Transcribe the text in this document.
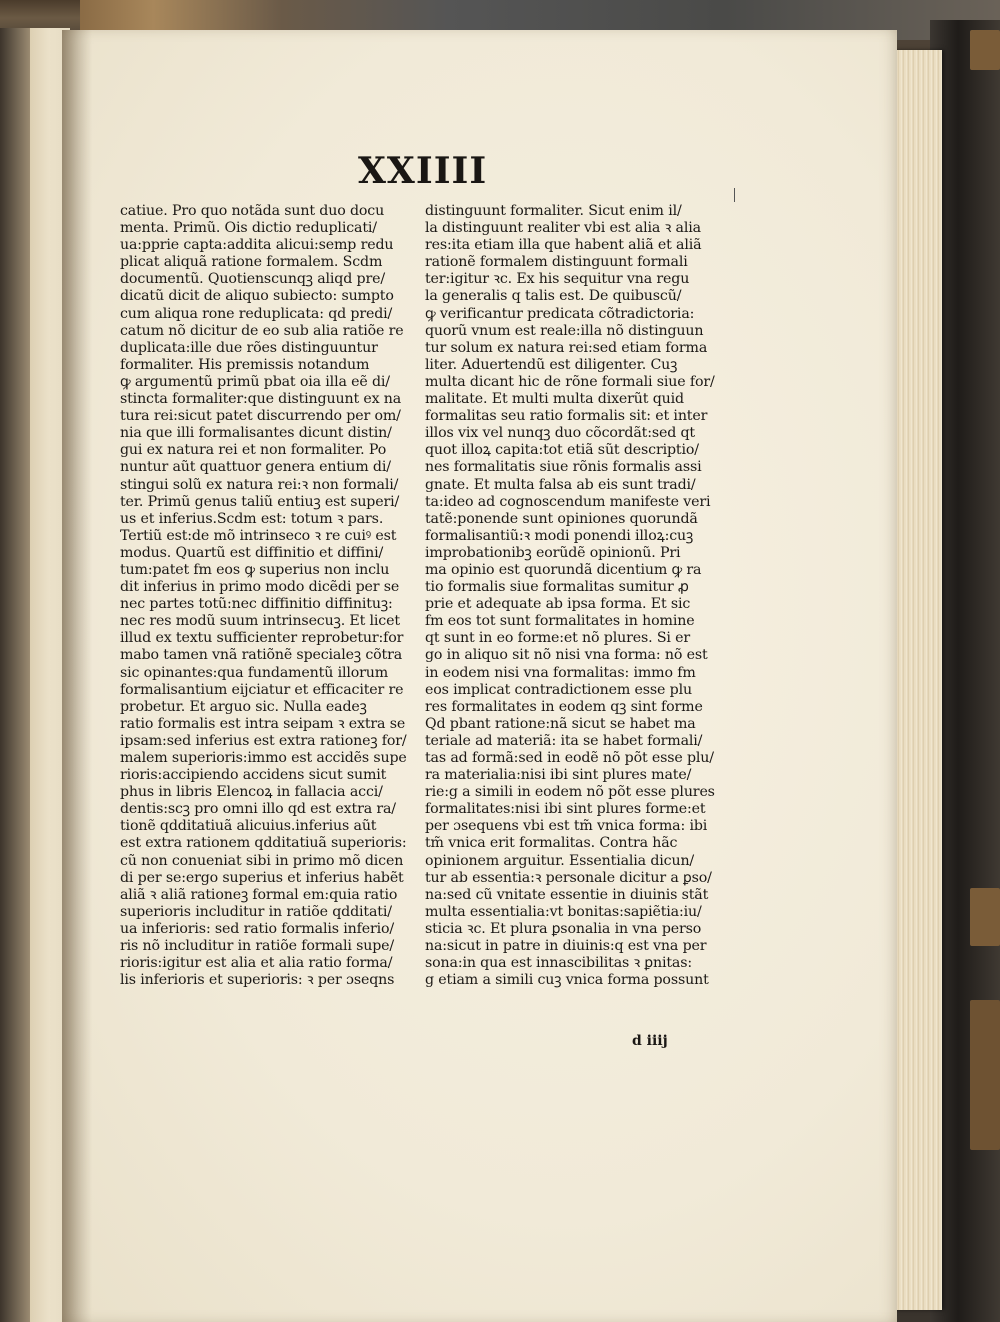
XXIIII
catiue. Pro quo notãda sunt duo docu
menta. Primũ. Ois dictio reduplicati/
ua:pprie capta:addita alicui:semp redu
plicat aliquã ratione formalem. Scdm
documentũ. Quotienscunqꝫ aliqd pre/
dicatũ dicit de aliquo subiecto: sumpto
cum aliqua rone reduplicata: qd predi/
catum nõ dicitur de eo sub alia ratiõe re
duplicata:ille due rões distinguuntur
formaliter. His premissis notandum
ꝙ argumentũ primũ pbat oia illa eẽ di/
stincta formaliter:que distinguunt ex na
tura rei:sicut patet discurrendo per om/
nia que illi formalisantes dicunt distin/
gui ex natura rei et non formaliter. Po
nuntur aũt quattuor genera entium di/
stingui solũ ex natura rei:ꝛ non formali/
ter. Primũ genus taliũ entiuꝫ est superi/
us et inferius.Scdm est: totum ꝛ pars.
Tertiũ est:de mõ intrinseco ꝛ re cuiꝰ est
modus. Quartũ est diffinitio et diffini/
tum:patet fm eos ꝙ superius non inclu
dit inferius in primo modo dicẽdi per se
nec partes totũ:nec diffinitio diffinituꝫ:
nec res modũ suum intrinsecuꝫ. Et licet
illud ex textu sufficienter reprobetur:for
mabo tamen vnã ratiõnẽ specialeꝫ cõtra
sic opinantes:qua fundamentũ illorum
formalisantium eijciatur et efficaciter re
probetur. Et arguo sic. Nulla eadeꝫ
ratio formalis est intra seipam ꝛ extra se
ipsam:sed inferius est extra rationeꝫ for/
malem superioris:immo est accidẽs supe
rioris:accipiendo accidens sicut sumit
phus in libris Elencoꝝ in fallacia acci/
dentis:scꝫ pro omni illo qd est extra ra/
tionẽ qdditatiuã alicuius.inferius aũt
est extra rationem qdditatiuã superioris:
cũ non conueniat sibi in primo mõ dicen
di per se:ergo superius et inferius habẽt
aliã ꝛ aliã rationeꝫ formal em:quia ratio
superioris includitur in ratiõe qdditati/
ua inferioris: sed ratio formalis inferio/
ris nõ includitur in ratiõe formali supe/
rioris:igitur est alia et alia ratio forma/
lis inferioris et superioris: ꝛ per ɔseqns
distinguunt formaliter. Sicut enim il/
la distinguunt realiter vbi est alia ꝛ alia
res:ita etiam illa que habent aliã et aliã
rationẽ formalem distinguunt formali
ter:igitur ꝛc. Ex his sequitur vna regu
la generalis q talis est. De quibuscũ/
ꝙ verificantur predicata cõtradictoria:
quorũ vnum est reale:illa nõ distinguun
tur solum ex natura rei:sed etiam forma
liter. Aduertendũ est diligenter. Cuꝫ
multa dicant hic de rõne formali siue for/
malitate. Et multi multa dixerũt quid
formalitas seu ratio formalis sit: et inter
illos vix vel nunqꝫ duo cõcordãt:sed qt
quot illoꝝ capita:tot etiã sũt descriptio/
nes formalitatis siue rõnis formalis assi
gnate. Et multa falsa ab eis sunt tradi/
ta:ideo ad cognoscendum manifeste veri
tatẽ:ponende sunt opiniones quorundã
formalisantiũ:ꝛ modi ponendi illoꝝ:cuꝫ
improbationibꝫ eorũdẽ opinionũ. Pri
ma opinio est quorundã dicentium ꝙ ra
tio formalis siue formalitas sumitur ꝓ
prie et adequate ab ipsa forma. Et sic
fm eos tot sunt formalitates in homine
qt sunt in eo forme:et nõ plures. Si er
go in aliquo sit nõ nisi vna forma: nõ est
in eodem nisi vna formalitas: immo fm
eos implicat contradictionem esse plu
res formalitates in eodem qꝫ sint forme
Qd pbant ratione:nã sicut se habet ma
teriale ad materiã: ita se habet formali/
tas ad formã:sed in eodẽ nõ põt esse plu/
ra materialia:nisi ibi sint plures mate/
rie:g a simili in eodem nõ põt esse plures
formalitates:nisi ibi sint plures forme:et
per ɔsequens vbi est tm̃ vnica forma: ibi
tm̃ vnica erit formalitas. Contra hãc
opinionem arguitur. Essentialia dicun/
tur ab essentia:ꝛ personale dicitur a ꝑso/
na:sed cũ vnitate essentie in diuinis stãt
multa essentialia:vt bonitas:sapiẽtia:iu/
sticia ꝛc. Et plura ꝑsonalia in vna perso
na:sicut in patre in diuinis:q est vna per
sona:in qua est innascibilitas ꝛ ꝑnitas:
g etiam a simili cuꝫ vnica forma possunt

d iiij
